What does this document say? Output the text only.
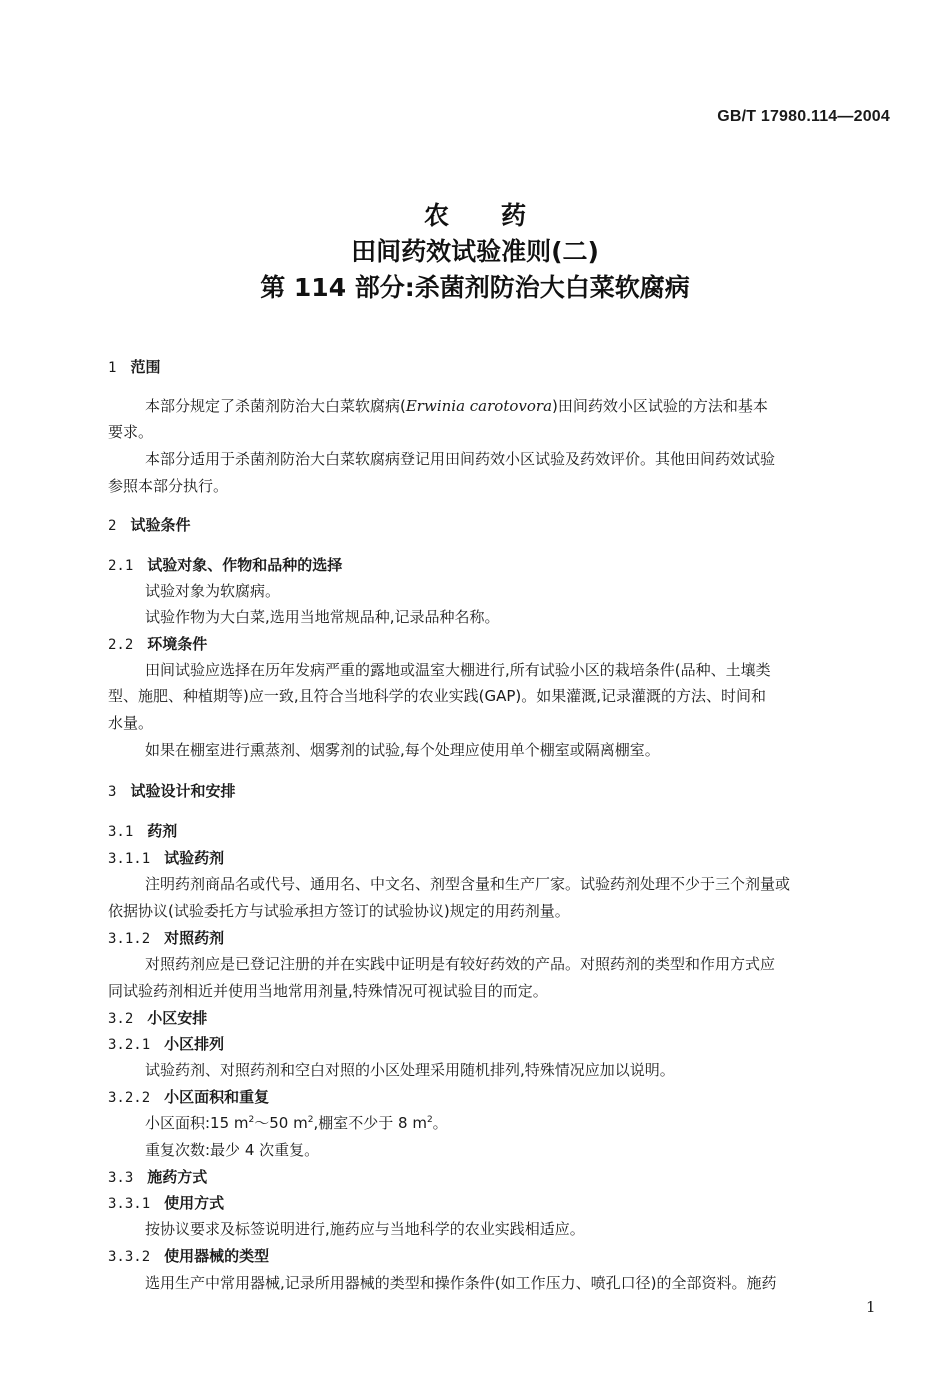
GB/T 17980.114—2004
农 药
田间药效试验准则(二)
第 114 部分:杀菌剂防治大白菜软腐病
1 范围
本部分规定了杀菌剂防治大白菜软腐病(Erwinia carotovora)田间药效小区试验的方法和基本
要求。
本部分适用于杀菌剂防治大白菜软腐病登记用田间药效小区试验及药效评价。其他田间药效试验
参照本部分执行。
2 试验条件
2.1 试验对象、作物和品种的选择
试验对象为软腐病。
试验作物为大白菜,选用当地常规品种,记录品种名称。
2.2 环境条件
田间试验应选择在历年发病严重的露地或温室大棚进行,所有试验小区的栽培条件(品种、土壤类
型、施肥、种植期等)应一致,且符合当地科学的农业实践(GAP)。如果灌溉,记录灌溉的方法、时间和
水量。
如果在棚室进行熏蒸剂、烟雾剂的试验,每个处理应使用单个棚室或隔离棚室。
3 试验设计和安排
3.1 药剂
3.1.1 试验药剂
注明药剂商品名或代号、通用名、中文名、剂型含量和生产厂家。试验药剂处理不少于三个剂量或
依据协议(试验委托方与试验承担方签订的试验协议)规定的用药剂量。
3.1.2 对照药剂
对照药剂应是已登记注册的并在实践中证明是有较好药效的产品。对照药剂的类型和作用方式应
同试验药剂相近并使用当地常用剂量,特殊情况可视试验目的而定。
3.2 小区安排
3.2.1 小区排列
试验药剂、对照药剂和空白对照的小区处理采用随机排列,特殊情况应加以说明。
3.2.2 小区面积和重复
小区面积:15 $m^2\sim 50$ $m^2$,棚室不少于 8 $m^2$。
重复次数:最少 4 次重复。
3.3 施药方式
3.3.1 使用方式
按协议要求及标签说明进行,施药应与当地科学的农业实践相适应。
3.3.2 使用器械的类型
选用生产中常用器械,记录所用器械的类型和操作条件(如工作压力、喷孔口径)的全部资料。施药
1
